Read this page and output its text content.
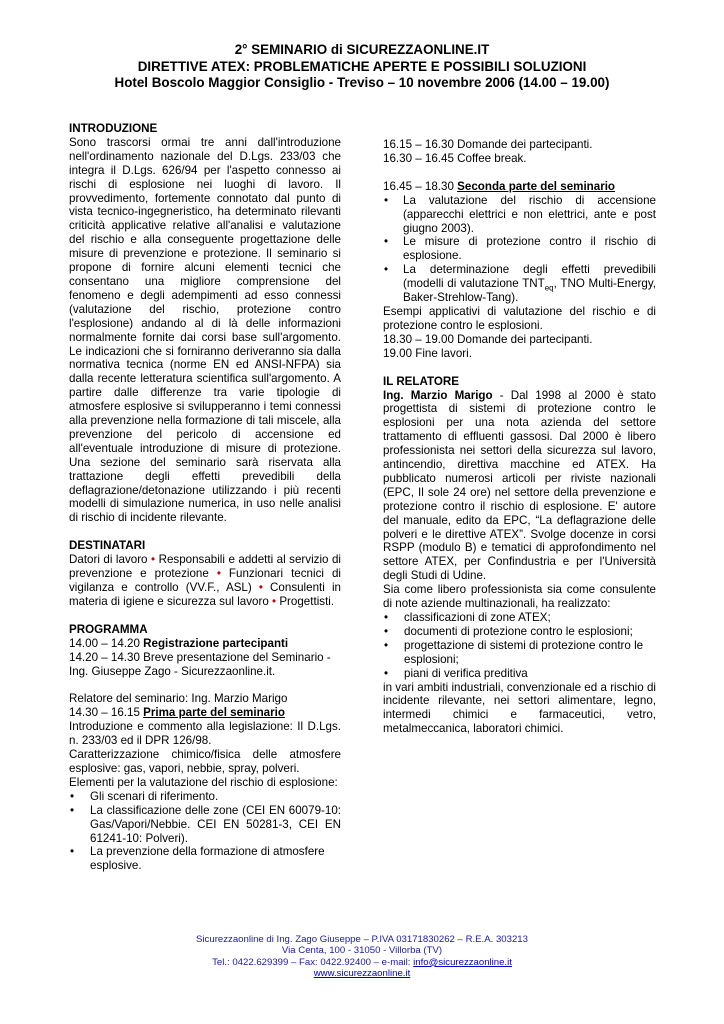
2° SEMINARIO di SICUREZZAONLINE.IT
DIRETTIVE ATEX: PROBLEMATICHE APERTE E POSSIBILI SOLUZIONI
Hotel Boscolo Maggior Consiglio - Treviso – 10 novembre 2006 (14.00 – 19.00)
INTRODUZIONE

Sono trascorsi ormai tre anni dall'introduzione nell'ordinamento nazionale del D.Lgs. 233/03 che integra il D.Lgs. 626/94 per l'aspetto connesso ai rischi di esplosione nei luoghi di lavoro. Il provvedimento, fortemente connotato dal punto di vista tecnico-ingegneristico, ha determinato rilevanti criticità applicative relative all'analisi e valutazione del rischio e alla conseguente progettazione delle misure di prevenzione e protezione. Il seminario si propone di fornire alcuni elementi tecnici che consentano una migliore comprensione del fenomeno e degli adempimenti ad esso connessi (valutazione del rischio, protezione contro l'esplosione) andando al di là delle informazioni normalmente fornite dai corsi base sull'argomento. Le indicazioni che si forniranno deriveranno sia dalla normativa tecnica (norme EN ed ANSI-NFPA) sia dalla recente letteratura scientifica sull'argomento. A partire dalle differenze tra varie tipologie di atmosfere esplosive si svilupperanno i temi connessi alla prevenzione nella formazione di tali miscele, alla prevenzione del pericolo di accensione ed all'eventuale introduzione di misure di protezione. Una sezione del seminario sarà riservata alla trattazione degli effetti prevedibili della deflagrazione/detonazione utilizzando i più recenti modelli di simulazione numerica, in uso nelle analisi di rischio di incidente rilevante.

DESTINATARI

Datori di lavoro • Responsabili e addetti al servizio di prevenzione e protezione • Funzionari tecnici di vigilanza e controllo (VV.F., ASL) • Consulenti in materia di igiene e sicurezza sul lavoro • Progettisti.

PROGRAMMA

14.00 – 14.20 Registrazione partecipanti

14.20 – 14.30 Breve presentazione del Seminario - Ing. Giuseppe Zago - Sicurezzaonline.it.

Relatore del seminario: Ing. Marzio Marigo

14.30 – 16.15 Prima parte del seminario

Introduzione e commento alla legislazione: Il D.Lgs. n. 233/03 ed il DPR 126/98.

Caratterizzazione chimico/fisica delle atmosfere esplosive: gas, vapori, nebbie, spray, polveri.

Elementi per la valutazione del rischio di esplosione:

• Gli scenari di riferimento.
• La classificazione delle zone (CEI EN 60079-10: Gas/Vapori/Nebbie. CEI EN 50281-3, CEI EN 61241-10: Polveri).
• La prevenzione della formazione di atmosfere esplosive.

16.15 – 16.30 Domande dei partecipanti.

16.30 – 16.45 Coffee break.

16.45 – 18.30 Seconda parte del seminario

• La valutazione del rischio di accensione (apparecchi elettrici e non elettrici, ante e post giugno 2003).
• Le misure di protezione contro il rischio di esplosione.
• La determinazione degli effetti prevedibili (modelli di valutazione $TNT_{eq}$, TNO Multi-Energy, Baker-Strehlow-Tang).

Esempi applicativi di valutazione del rischio e di protezione contro le esplosioni.

18.30 – 19.00 Domande dei partecipanti.

19.00 Fine lavori.

IL RELATORE

Ing. Marzio Marigo - Dal 1998 al 2000 è stato progettista di sistemi di protezione contro le esplosioni per una nota azienda del settore trattamento di effluenti gassosi. Dal 2000 è libero professionista nei settori della sicurezza sul lavoro, antincendio, direttiva macchine ed ATEX. Ha pubblicato numerosi articoli per riviste nazionali (EPC, Il sole 24 ore) nel settore della prevenzione e protezione contro il rischio di esplosione. E' autore del manuale, edito da EPC, “La deflagrazione delle polveri e le direttive ATEX”. Svolge docenze in corsi RSPP (modulo B) e tematici di approfondimento nel settore ATEX, per Confindustria e per l'Università degli Studi di Udine.

Sia come libero professionista sia come consulente di note aziende multinazionali, ha realizzato:

• classificazioni di zone ATEX;
• documenti di protezione contro le esplosioni;
• progettazione di sistemi di protezione contro le esplosioni;
• piani di verifica preditiva

in vari ambiti industriali, convenzionale ed a rischio di incidente rilevante, nei settori alimentare, legno, intermedi chimici e farmaceutici, vetro, metalmeccanica, laboratori chimici.

Sicurezzaonline di Ing. Zago Giuseppe – P.IVA 03171830262 – R.E.A. 303213
Via Centa, 100 - 31050 - Villorba (TV)
Tel.: 0422.629399 – Fax: 0422.92400 – e-mail: info@sicurezzaonline.it
www.sicurezzaonline.it
